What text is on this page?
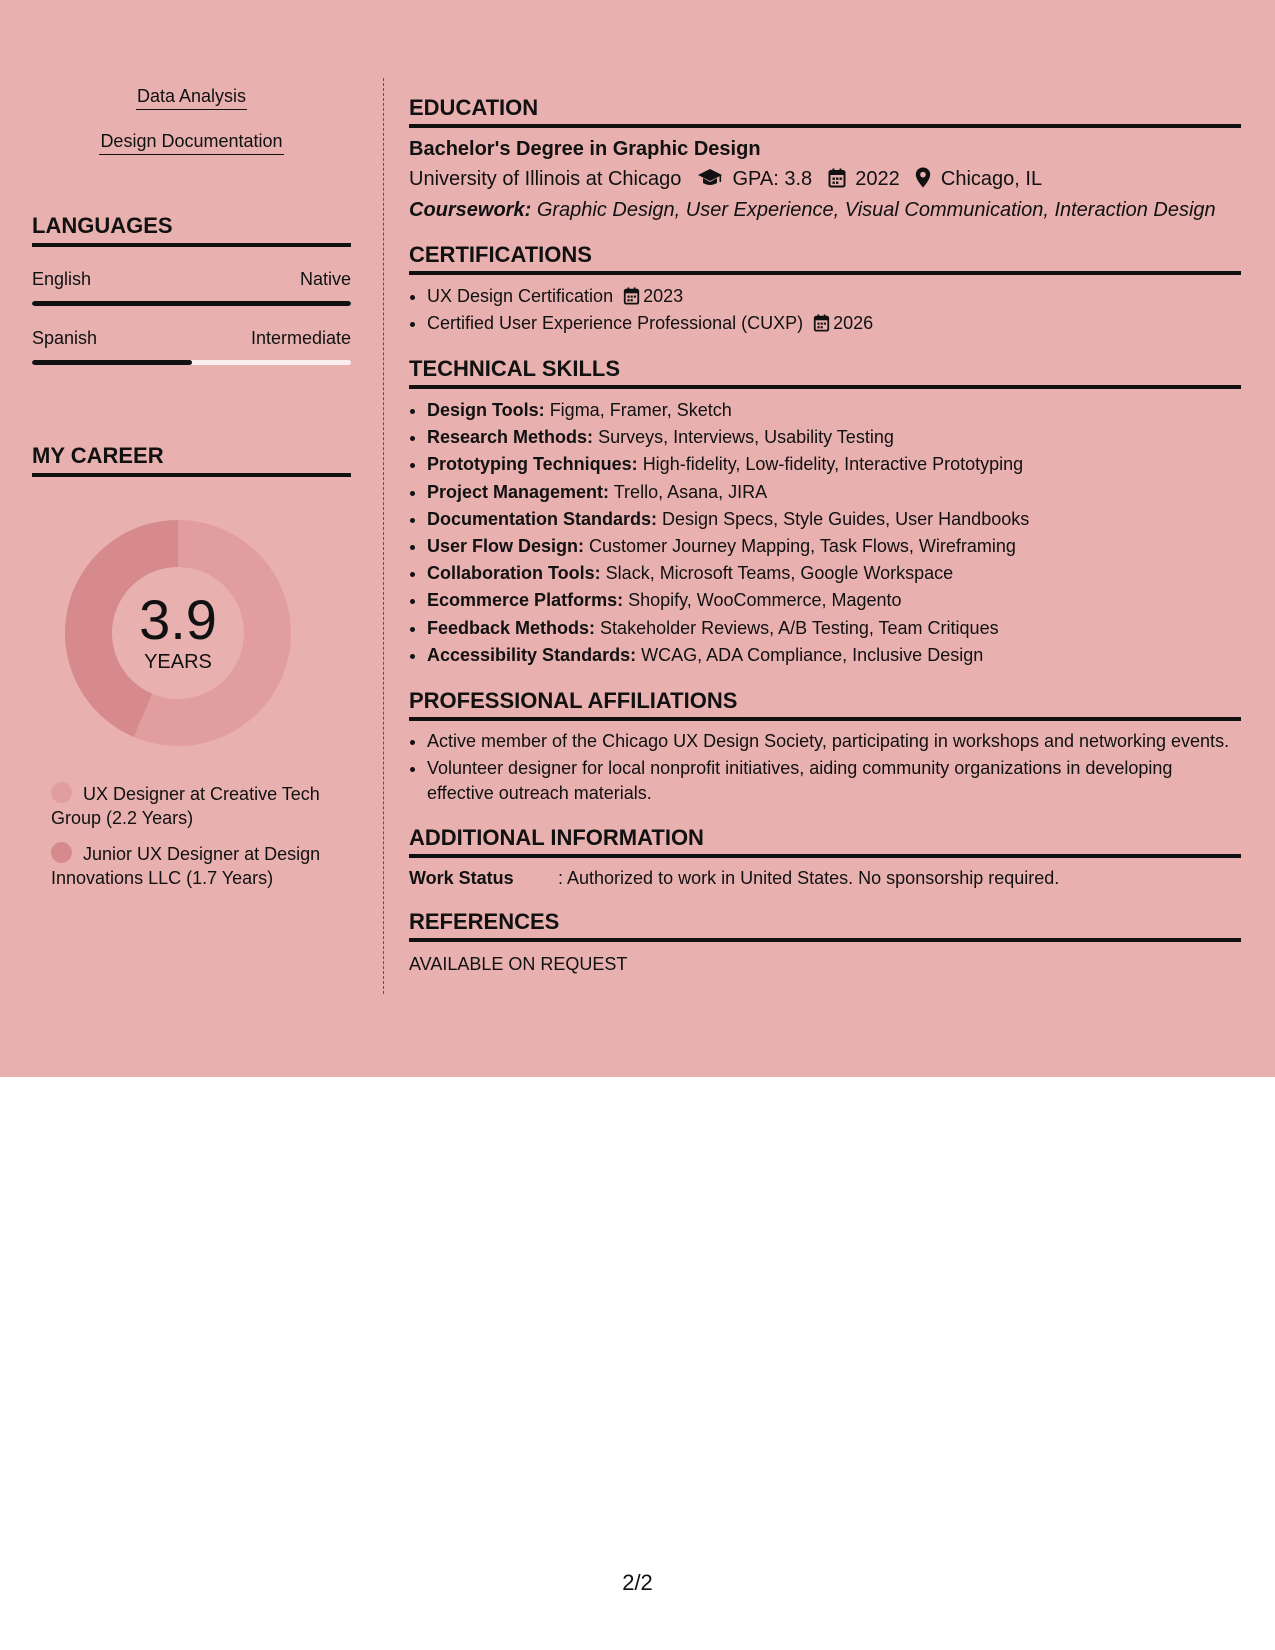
Data Analysis
Design Documentation
LANGUAGES
English	Native
Spanish	Intermediate
MY CAREER
3.9
YEARS
UX Designer at Creative Tech Group (2.2 Years)
Junior UX Designer at Design Innovations LLC (1.7 Years)
EDUCATION
Bachelor's Degree in Graphic Design
University of Illinois at Chicago	GPA: 3.8 2022 Chicago, IL
Coursework: Graphic Design, User Experience, Visual Communication, Interaction Design
CERTIFICATIONS
• UX Design Certification 2023
• Certified User Experience Professional (CUXP) 2026
TECHNICAL SKILLS
• Design Tools: Figma, Framer, Sketch
• Research Methods: Surveys, Interviews, Usability Testing
• Prototyping Techniques: High-fidelity, Low-fidelity, Interactive Prototyping
• Project Management: Trello, Asana, JIRA
• Documentation Standards: Design Specs, Style Guides, User Handbooks
• User Flow Design: Customer Journey Mapping, Task Flows, Wireframing
• Collaboration Tools: Slack, Microsoft Teams, Google Workspace
• Ecommerce Platforms: Shopify, WooCommerce, Magento
• Feedback Methods: Stakeholder Reviews, A/B Testing, Team Critiques
• Accessibility Standards: WCAG, ADA Compliance, Inclusive Design
PROFESSIONAL AFFILIATIONS
• Active member of the Chicago UX Design Society, participating in workshops and networking events.
• Volunteer designer for local nonprofit initiatives, aiding community organizations in developing effective outreach materials.
ADDITIONAL INFORMATION
Work Status	: Authorized to work in United States. No sponsorship required.
REFERENCES
AVAILABLE ON REQUEST
2/2
